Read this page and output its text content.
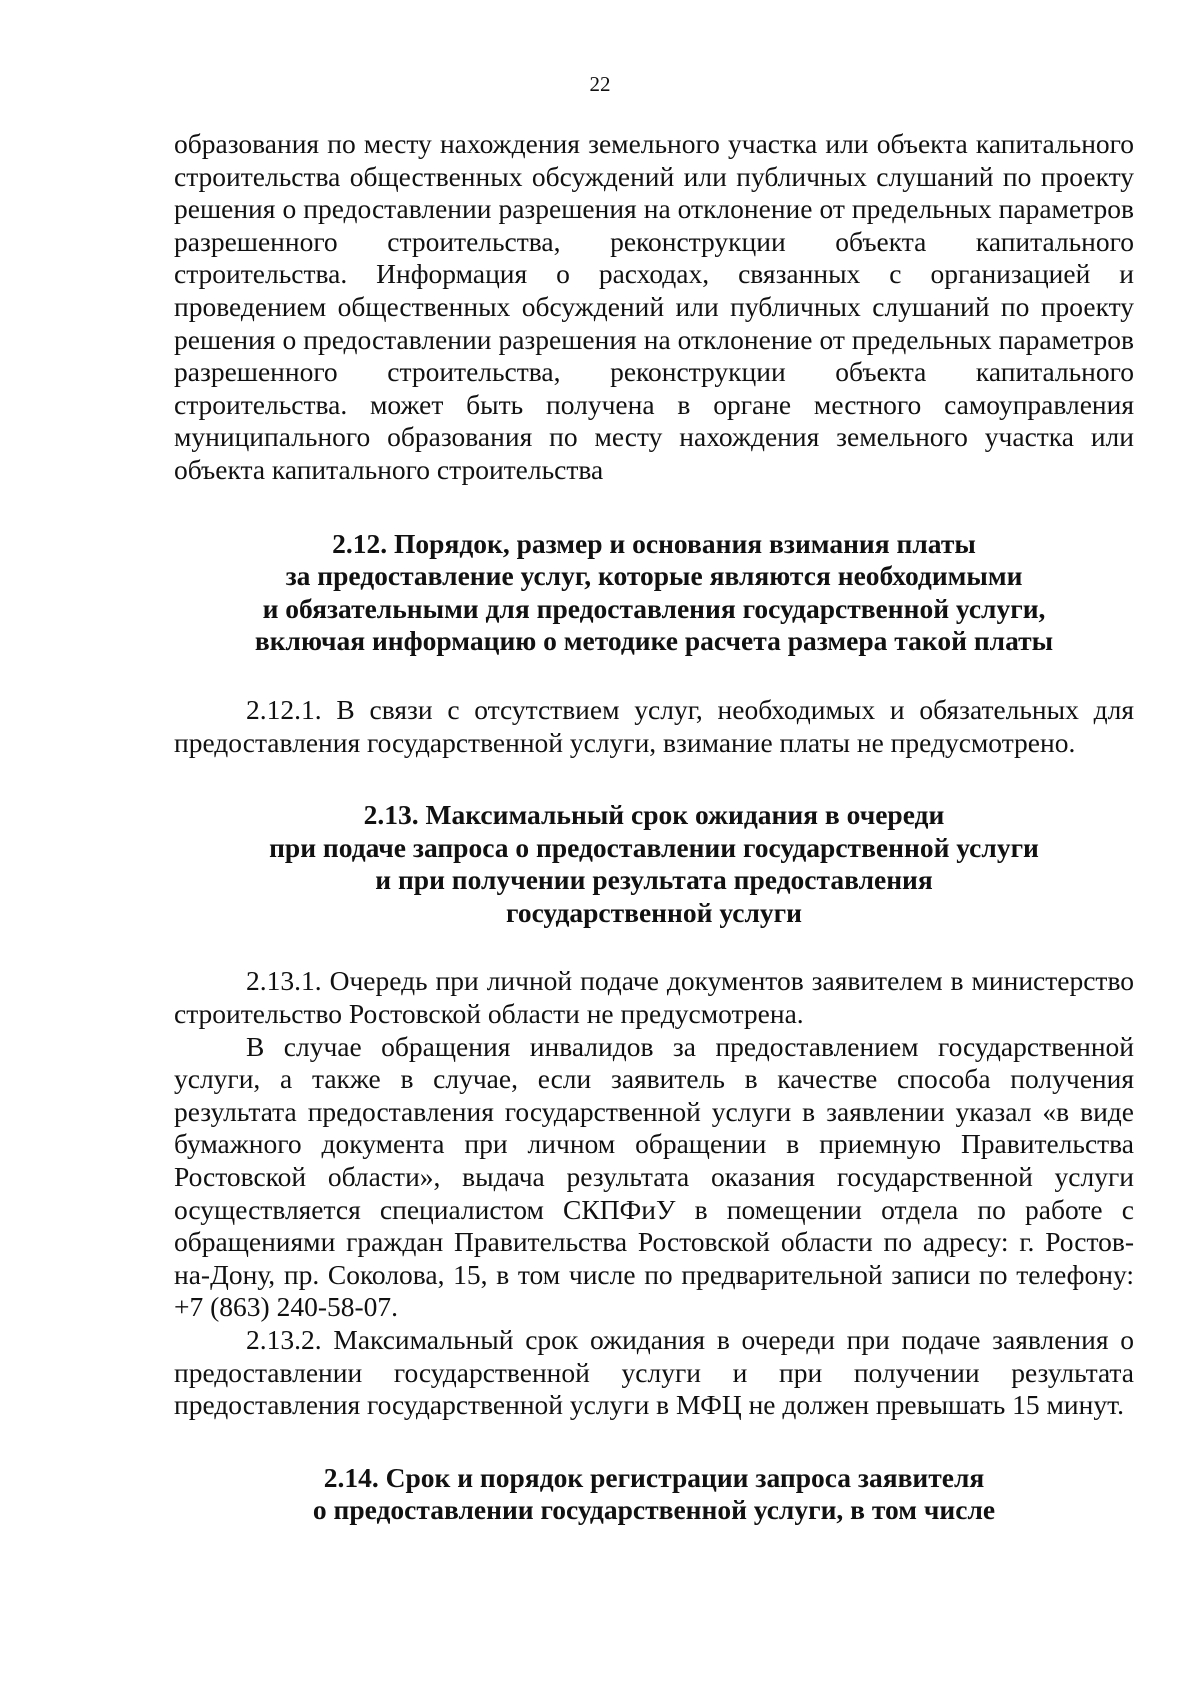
22

образования по месту нахождения земельного участка или объекта капитального строительства общественных обсуждений или публичных слушаний по проекту решения о предоставлении разрешения на отклонение от предельных параметров разрешенного строительства, реконструкции объекта капитального строительства. Информация о расходах, связанных с организацией и проведением общественных обсуждений или публичных слушаний по проекту решения о предоставлении разрешения на отклонение от предельных параметров разрешенного строительства, реконструкции объекта капитального строительства. может быть получена в органе местного самоуправления муниципального образования по месту нахождения земельного участка или объекта капитального строительства

2.12. Порядок, размер и основания взимания платы
за предоставление услуг, которые являются необходимыми
и обязательными для предоставления государственной услуги,
включая информацию о методике расчета размера такой платы

2.12.1. В связи с отсутствием услуг, необходимых и обязательных для предоставления государственной услуги, взимание платы не предусмотрено.

2.13. Максимальный срок ожидания в очереди
при подаче запроса о предоставлении государственной услуги
и при получении результата предоставления
государственной услуги

2.13.1. Очередь при личной подаче документов заявителем в министерство строительство Ростовской области не предусмотрена.

В случае обращения инвалидов за предоставлением государственной услуги, а также в случае, если заявитель в качестве способа получения результата предоставления государственной услуги в заявлении указал «в виде бумажного документа при личном обращении в приемную Правительства Ростовской области», выдача результата оказания государственной услуги осуществляется специалистом СКПФиУ в помещении отдела по работе с обращениями граждан Правительства Ростовской области по адресу: г. Ростов-на-Дону, пр. Соколова, 15, в том числе по предварительной записи по телефону: +7 (863) 240-58-07.

2.13.2. Максимальный срок ожидания в очереди при подаче заявления о предоставлении государственной услуги и при получении результата предоставления государственной услуги в МФЦ не должен превышать 15 минут.

2.14. Срок и порядок регистрации запроса заявителя
о предоставлении государственной услуги, в том числе
